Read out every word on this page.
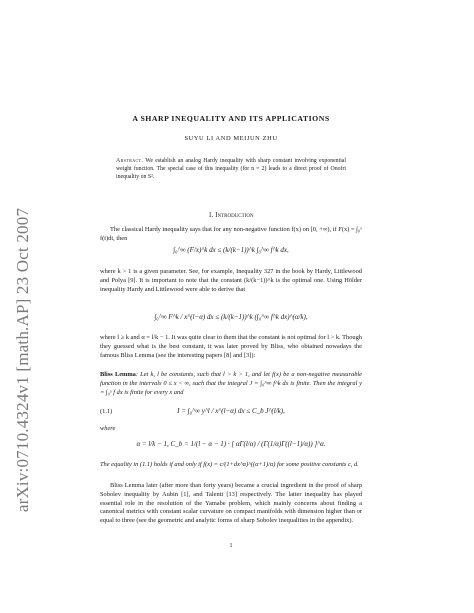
arXiv:0710.4324v1 [math.AP] 23 Oct 2007
A SHARP INEQUALITY AND ITS APPLICATIONS
SUYU LI AND MEIJUN ZHU
Abstract. We establish an analog Hardy inequality with sharp constant involving exponential weight function. The special case of this inequality (for n = 2) leads to a direct proof of Onofri inequality on S².
1. Introduction
The classical Hardy inequality says that for any non-negative function f(x) on [0, +∞), if F(x) = ∫₀ˣ f(t)dt, then
∫₀^∞ (F/x)^k dx ≤ (k/(k−1))^k ∫₀^∞ f^k dx,
where k > 1 is a given parameter. See, for example, Inequality 327 in the book by Hardy, Littlewood and Polya [9]. It is important to note that the constant (k/(k−1))^k is the optimal one. Using Hölder inequality Hardy and Littlewood were able to derive that
∫₀^∞ F^k / x^(l−α) dx ≤ (k/(k−1))^k (∫₀^∞ f^k dx)^(α/k),
where l ≥ k and α = l/k − 1. It was quite clear to them that the constant is not optimal for l > k. Though they guessed what is the best constant, it was later proved by Bliss, who obtained nowadays the famous Bliss Lemma (see the interesting papers [8] and [3]):
Bliss Lemma: Let k, l be constants, such that l > k > 1, and let f(x) be a non-negative measurable function in the intervals 0 ≤ x < ∞, such that the integral J = ∫₀^∞ f^k dx is finite. Then the integral y = ∫₀ˣ f dx is finite for every x and
(1.1)	I = ∫₀^∞ y^l / x^(l−α) dx ≤ C_b J^(l/k),
where
α = l/k − 1, C_b = 1/(l − α − 1) · [ αΓ(l/α) / (Γ(1/α)Γ((l−1)/α)) ]^α.
The equality in (1.1) holds if and only if f(x) = c/(1+dx^α)^((α+1)/α) for some positive constants c, d.
Bliss Lemma later (after more than forty years) became a crucial ingredient in the proof of sharp Sobolev inequality by Aubin [1], and Talenti [13] respectively. The latter inequality has played essential role in the resolution of the Yamabe problem, which mainly concerns about finding a canonical metrics with constant scalar curvature on compact manifolds with dimension higher than or equal to three (see the geometric and analytic forms of sharp Sobolev inequalities in the appendix).
1
